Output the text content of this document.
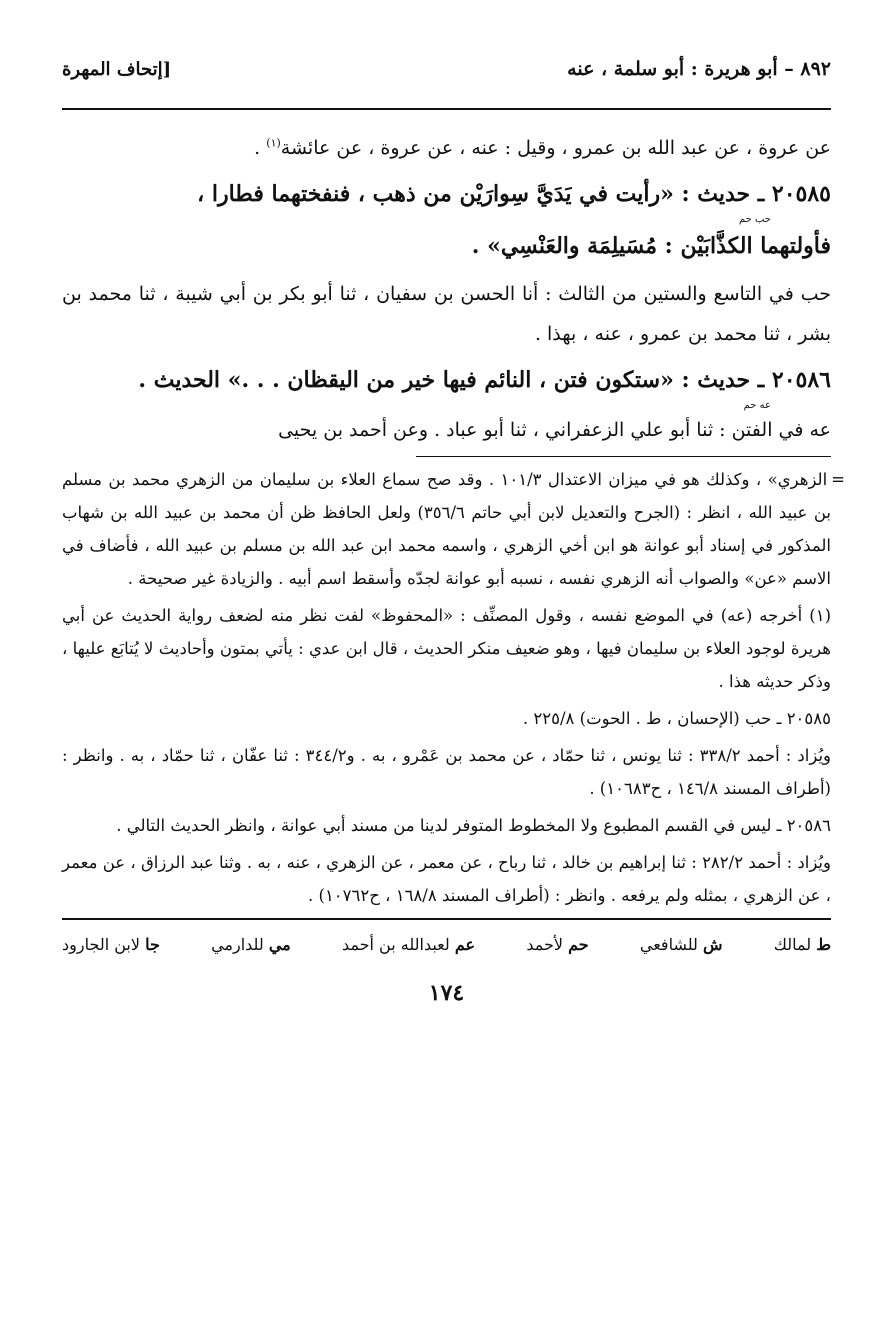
٨٩٢ – أبو هريرة : أبو سلمة ، عنه
[إتحاف المهرة

عن عروة ، عن عبد الله بن عمرو ، وقيل : عنه ، عن عروة ، عن عائشة$^{(١)}$ .

٢٠٥٨٥ ـ حديث : «رأيت في يَدَيَّ سِوارَيْن من ذهب ، فنفختهما فطارا ،

حب حم

فأولتهما الكذَّابَيْن : مُسَيلِمَة والعَنْسِي» .

حب في التاسع والستين من الثالث : أنا الحسن بن سفيان ، ثنا أبو بكر بن أبي شيبة ، ثنا محمد بن بشر ، ثنا محمد بن عمرو ، عنه ، بهذا .

٢٠٥٨٦ ـ حديث : «ستكون فتن ، النائم فيها خير من اليقظان . . .» الحديث .

عه حم

عه في الفتن : ثنا أبو علي الزعفراني ، ثنا أبو عباد . وعن أحمد بن يحيى

=الزهري» ، وكذلك هو في ميزان الاعتدال ١٠١/٣ . وقد صح سماع العلاء بن سليمان من الزهري محمد بن مسلم بن عبيد الله ، انظر : (الجرح والتعديل لابن أبي حاتم ٣٥٦/٦) ولعل الحافظ ظن أن محمد بن عبيد الله بن شهاب المذكور في إسناد أبو عوانة هو ابن أخي الزهري ، واسمه محمد ابن عبد الله بن مسلم بن عبيد الله ، فأضاف في الاسم «عن» والصواب أنه الزهري نفسه ، نسبه أبو عوانة لجدّه وأسقط اسم أبيه . والزيادة غير صحيحة .

(١) أخرجه (عه) في الموضع نفسه ، وقول المصنِّف : «المحفوظ» لفت نظر منه لضعف رواية الحديث عن أبي هريرة لوجود العلاء بن سليمان فيها ، وهو ضعيف منكر الحديث ، قال ابن عدي : يأتي بمتون وأحاديث لا يُتابَع عليها ، وذكر حديثه هذا .

٢٠٥٨٥ ـ حب (الإحسان ، ط . الحوت) ٢٢٥/٨ .

ويُزاد : أحمد ٣٣٨/٢ : ثنا يونس ، ثنا حمّاد ، عن محمد بن عَمْرو ، به . و٣٤٤/٢ : ثنا عفّان ، ثنا حمّاد ، به . وانظر : (أطراف المسند ١٤٦/٨ ، ح١٠٦٨٣) .

٢٠٥٨٦ ـ ليس في القسم المطبوع ولا المخطوط المتوفر لدينا من مسند أبي عوانة ، وانظر الحديث التالي .

ويُزاد : أحمد ٢٨٢/٢ : ثنا إبراهيم بن خالد ، ثنا رباح ، عن معمر ، عن الزهري ، عنه ، به . وثنا عبد الرزاق ، عن معمر ، عن الزهري ، بمثله ولم يرفعه . وانظر : (أطراف المسند ١٦٨/٨ ، ح١٠٧٦٢) .

ط لمالك
ش للشافعي
حم لأحمد
عم لعبدالله بن أحمد
مي للدارمي
جا لابن الجارود
١٧٤
